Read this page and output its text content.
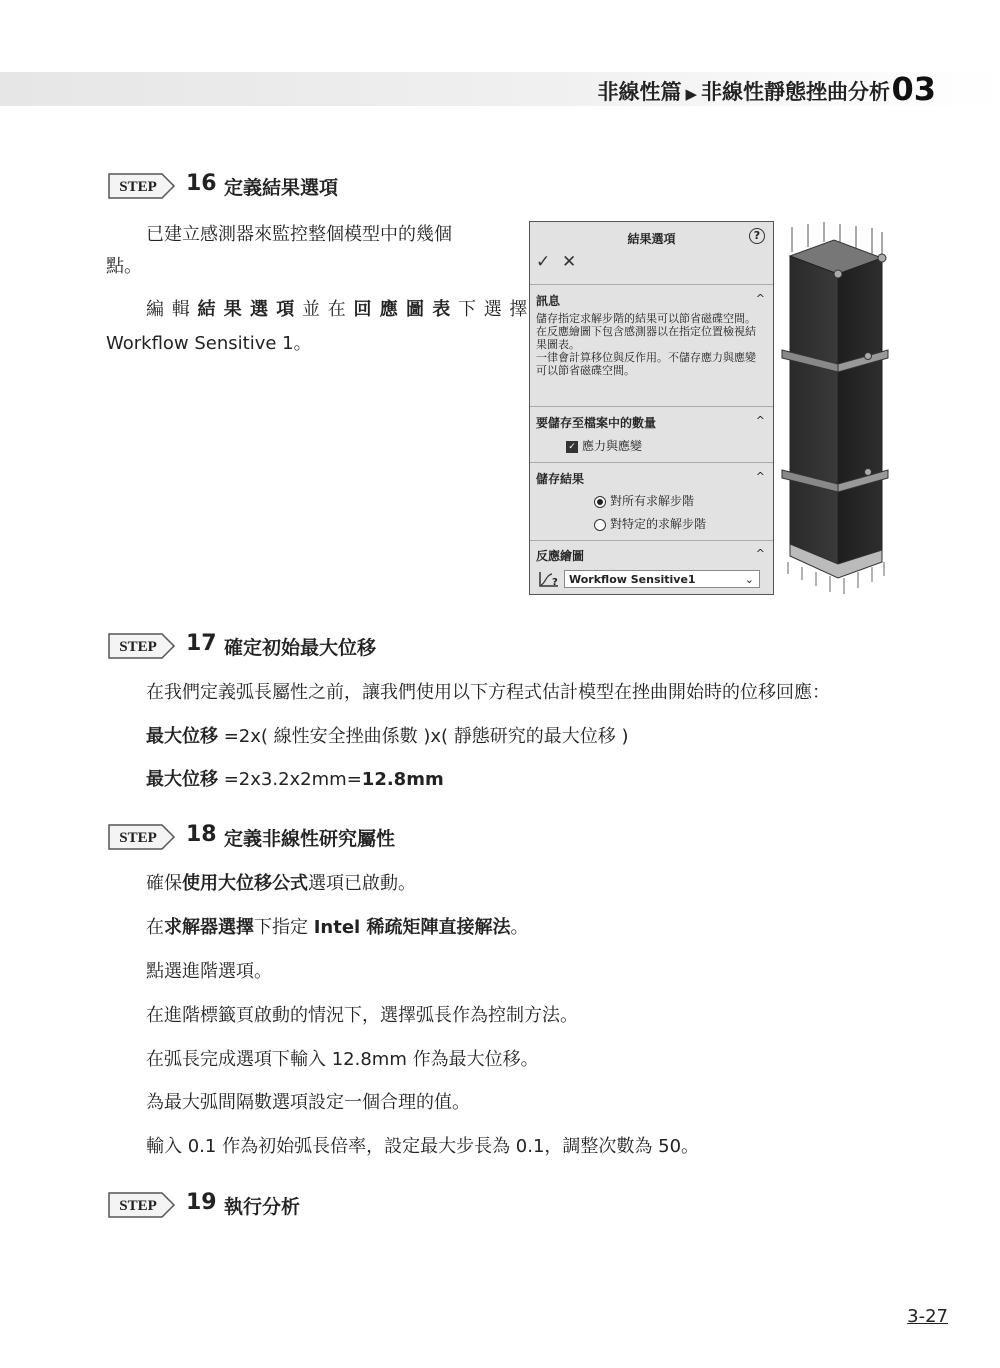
非線性篇 ▶ 非線性靜態挫曲分析 03
STEP 16 定義結果選項
已建立感測器來監控整個模型中的幾個
點。
編 輯 結 果 選 項 並 在 回 應 圖 表 下 選 擇
Workflow Sensitive 1。
結果選項	?
✓ ✕
訊息	^
儲存指定求解步階的結果可以節省磁碟空間。
在反應繪圖下包含感測器以在指定位置檢視結果圖表。
一律會計算移位與反作用。不儲存應力與應變可以節省磁碟空間。
要儲存至檔案中的數量	^
✓ 應力與應變
儲存結果	^
對所有求解步階
對特定的求解步階
反應繪圖	^
?	Workflow Sensitive1	⌄
STEP 17 確定初始最大位移
在我們定義弧長屬性之前，讓我們使用以下方程式估計模型在挫曲開始時的位移回應：
最大位移 =2x( 線性安全挫曲係數 )x( 靜態研究的最大位移 )
最大位移 =2x3.2x2mm=12.8mm
STEP 18 定義非線性研究屬性
確保使用大位移公式選項已啟動。
在求解器選擇下指定 Intel 稀疏矩陣直接解法。
點選進階選項。
在進階標籤頁啟動的情況下，選擇弧長作為控制方法。
在弧長完成選項下輸入 12.8mm 作為最大位移。
為最大弧間隔數選項設定一個合理的值。
輸入 0.1 作為初始弧長倍率，設定最大步長為 0.1，調整次數為 50。
STEP 19 執行分析
3-27
